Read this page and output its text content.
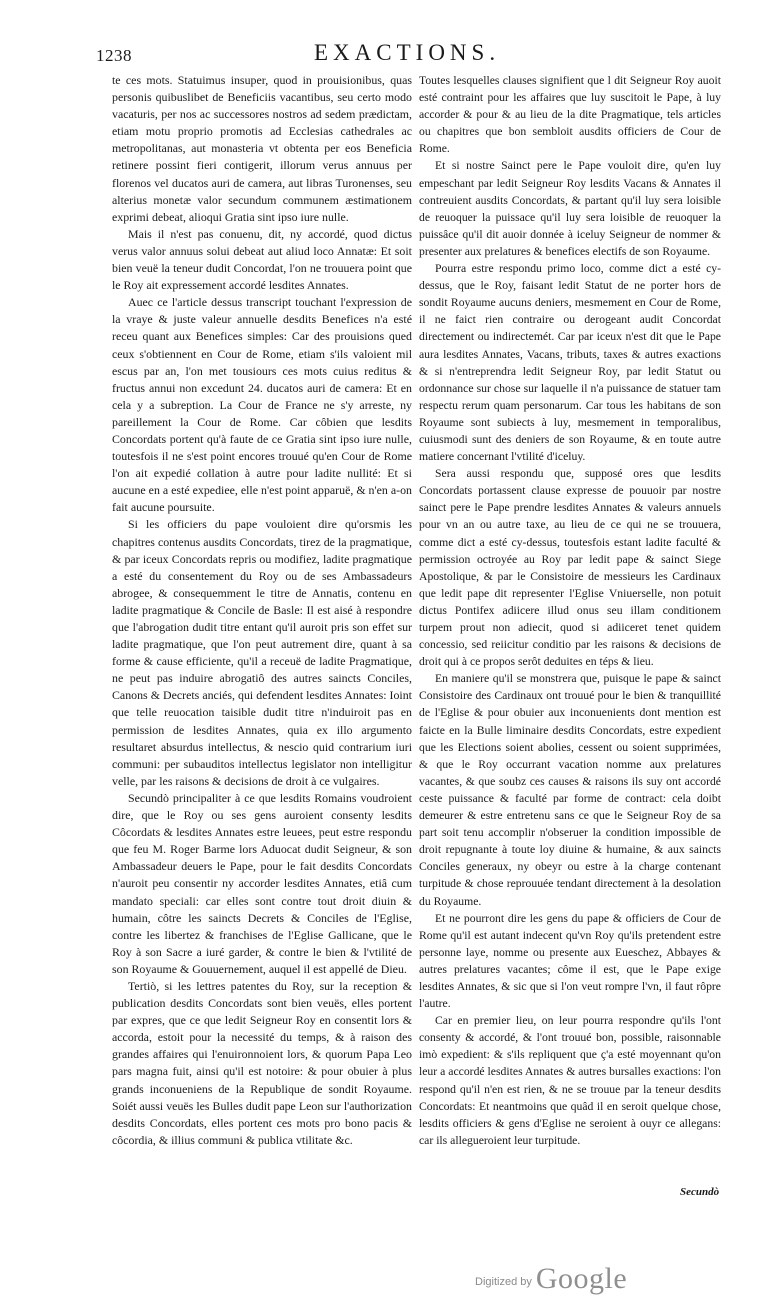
1238	EXACTIONS.

te ces mots. Statuimus insuper, quod in prouisionibus, quas personis quibuslibet de Beneficiis vacantibus, seu certo modo vacaturis, per nos ac successores nostros ad sedem prædictam, etiam motu proprio promotis ad Ecclesias cathedrales ac metropolitanas, aut monasteria vt obtenta per eos Beneficia retinere possint fieri contigerit, illorum verus annuus per florenos vel ducatos auri de camera, aut libras Turonenses, seu alterius monetæ valor secundum communem æstimationem exprimi debeat, alioqui Gratia sint ipso iure nulle.

Mais il n'est pas conuenu, dit, ny accordé, quod dictus verus valor annuus solui debeat aut aliud loco Annatæ: Et soit bien veuë la teneur dudit Concordat, l'on ne trouuera point que le Roy ait expressement accordé lesdites Annates.

Auec ce l'article dessus transcript touchant l'expression de la vraye & juste valeur annuelle desdits Benefices n'a esté receu quant aux Benefices simples: Car des prouisions qued ceux s'obtiennent en Cour de Rome, etiam s'ils valoient mil escus par an, l'on met tousiours ces mots cuius reditus & fructus annui non excedunt 24. ducatos auri de camera: Et en cela y a subreption. La Cour de France ne s'y arreste, ny pareillement la Cour de Rome. Car côbien que lesdits Concordats portent qu'à faute de ce Gratia sint ipso iure nulle, toutesfois il ne s'est point encores trouué qu'en Cour de Rome l'on ait expedié collation à autre pour ladite nullité: Et si aucune en a esté expediee, elle n'est point apparuë, & n'en a-on fait aucune poursuite.

Si les officiers du pape vouloient dire qu'orsmis les chapitres contenus ausdits Concordats, tirez de la pragmatique, & par iceux Concordats repris ou modifiez, ladite pragmatique a esté du consentement du Roy ou de ses Ambassadeurs abrogee, & consequemment le titre de Annatis, contenu en ladite pragmatique & Concile de Basle: Il est aisé à respondre que l'abrogation dudit titre entant qu'il auroit pris son effet sur ladite pragmatique, que l'on peut autrement dire, quant à sa forme & cause efficiente, qu'il a receuë de ladite Pragmatique, ne peut pas induire abrogatiô des autres saincts Conciles, Canons & Decrets anciés, qui defendent lesdites Annates: Ioint que telle reuocation taisible dudit titre n'induiroit pas en permission de lesdites Annates, quia ex illo argumento resultaret absurdus intellectus, & nescio quid contrarium iuri communi: per subauditos intellectus legislator non intelligitur velle, par les raisons & decisions de droit à ce vulgaires.

Secundò principaliter à ce que lesdits Romains voudroient dire, que le Roy ou ses gens auroient consenty lesdits Côcordats & lesdites Annates estre leuees, peut estre respondu que feu M. Roger Barme lors Aduocat dudit Seigneur, & son Ambassadeur deuers le Pape, pour le fait desdits Concordats n'auroit peu consentir ny accorder lesdites Annates, etiâ cum mandato speciali: car elles sont contre tout droit diuin & humain, côtre les saincts Decrets & Conciles de l'Eglise, contre les libertez & franchises de l'Eglise Gallicane, que le Roy à son Sacre a iuré garder, & contre le bien & l'vtilité de son Royaume & Gouuernement, auquel il est appellé de Dieu.

Tertiò, si les lettres patentes du Roy, sur la reception & publication desdits Concordats sont bien veuës, elles portent par expres, que ce que ledit Seigneur Roy en consentit lors & accorda, estoit pour la necessité du temps, & à raison des grandes affaires qui l'enuironnoient lors, & quorum Papa Leo pars magna fuit, ainsi qu'il est notoire: & pour obuier à plus grands inconueniens de la Republique de sondit Royaume. Soiét aussi veuës les Bulles dudit pape Leon sur l'authorization desdits Concordats, elles portent ces mots pro bono pacis & côcordia, & illius communi & publica vtilitate &c.

Toutes lesquelles clauses signifient que l dit Seigneur Roy auoit esté contraint pour les affaires que luy suscitoit le Pape, à luy accorder & pour & au lieu de la dite Pragmatique, tels articles ou chapitres que bon sembloit ausdits officiers de Cour de Rome.

Et si nostre Sainct pere le Pape vouloit dire, qu'en luy empeschant par ledit Seigneur Roy lesdits Vacans & Annates il contreuient ausdits Concordats, & partant qu'il luy sera loisible de reuoquer la puissace qu'il luy sera loisible de reuoquer la puissâce qu'il dit auoir donnée à iceluy Seigneur de nommer & presenter aux prelatures & benefices electifs de son Royaume.

Pourra estre respondu primo loco, comme dict a esté cy-dessus, que le Roy, faisant ledit Statut de ne porter hors de sondit Royaume aucuns deniers, mesmement en Cour de Rome, il ne faict rien contraire ou derogeant audit Concordat directement ou indirectemét. Car par iceux n'est dit que le Pape aura lesdites Annates, Vacans, tributs, taxes & autres exactions & si n'entreprendra ledit Seigneur Roy, par ledit Statut ou ordonnance sur chose sur laquelle il n'a puissance de statuer tam respectu rerum quam personarum. Car tous les habitans de son Royaume sont subiects à luy, mesmement in temporalibus, cuiusmodi sunt des deniers de son Royaume, & en toute autre matiere concernant l'vtilité d'iceluy.

Sera aussi respondu que, supposé ores que lesdits Concordats portassent clause expresse de pouuoir par nostre sainct pere le Pape prendre lesdites Annates & valeurs annuels pour vn an ou autre taxe, au lieu de ce qui ne se trouuera, comme dict a esté cy-dessus, toutesfois estant ladite faculté & permission octroyée au Roy par ledit pape & sainct Siege Apostolique, & par le Consistoire de messieurs les Cardinaux que ledit pape dit representer l'Eglise Vniuerselle, non potuit dictus Pontifex adiicere illud onus seu illam conditionem turpem prout non adiecit, quod si adiiceret tenet quidem concessio, sed reiicitur conditio par les raisons & decisions de droit qui à ce propos serôt deduites en téps & lieu.

En maniere qu'il se monstrera que, puisque le pape & sainct Consistoire des Cardinaux ont trouué pour le bien & tranquillité de l'Eglise & pour obuier aux inconuenients dont mention est faicte en la Bulle liminaire desdits Concordats, estre expedient que les Elections soient abolies, cessent ou soient supprimées, & que le Roy occurrant vacation nomme aux prelatures vacantes, & que soubz ces causes & raisons ils suy ont accordé ceste puissance & faculté par forme de contract: cela doibt demeurer & estre entretenu sans ce que le Seigneur Roy de sa part soit tenu accomplir n'obseruer la condition impossible de droit repugnante à toute loy diuine & humaine, & aux saincts Conciles generaux, ny obeyr ou estre à la charge contenant turpitude & chose reprouuée tendant directement à la desolation du Royaume.

Et ne pourront dire les gens du pape & officiers de Cour de Rome qu'il est autant indecent qu'vn Roy qu'ils pretendent estre personne laye, nomme ou presente aux Eueschez, Abbayes & autres prelatures vacantes; côme il est, que le Pape exige lesdites Annates, & sic que si l'on veut rompre l'vn, il faut rôpre l'autre.

Car en premier lieu, on leur pourra respondre qu'ils l'ont consenty & accordé, & l'ont trouué bon, possible, raisonnable imò expedient: & s'ils repliquent que ç'a esté moyennant qu'on leur a accordé lesdites Annates & autres bursalles exactions: l'on respond qu'il n'en est rien, & ne se trouue par la teneur desdits Concordats: Et neantmoins que quâd il en seroit quelque chose, lesdits officiers & gens d'Eglise ne seroient à ouyr ce allegans: car ils allegueroient leur turpitude.

Secundò
Digitized by Google
